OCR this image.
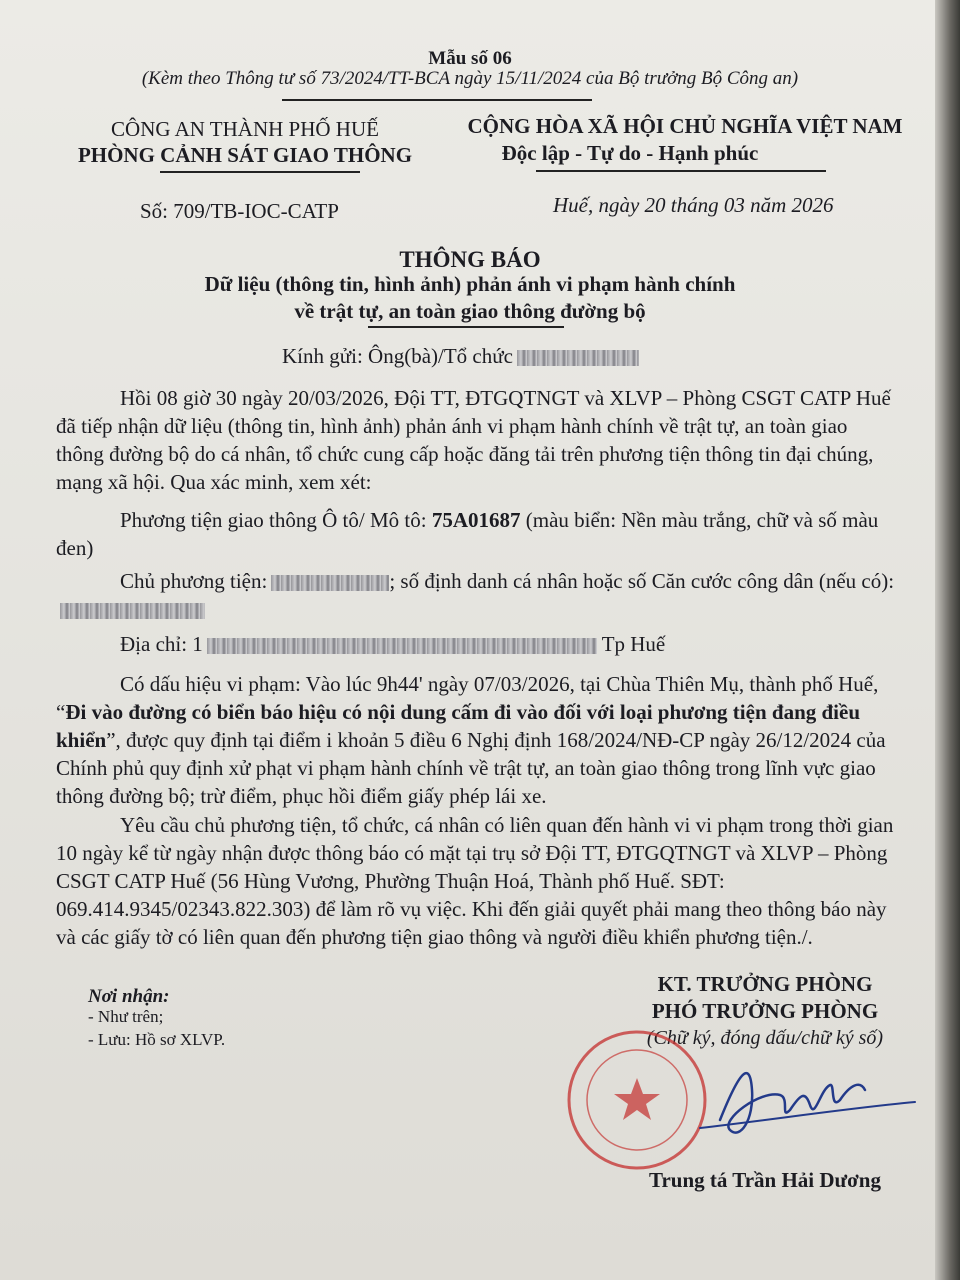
Mẫu số 06
(Kèm theo Thông tư số 73/2024/TT-BCA ngày 15/11/2024 của Bộ trưởng Bộ Công an)
CÔNG AN THÀNH PHỐ HUẾ
PHÒNG CẢNH SÁT GIAO THÔNG
CỘNG HÒA XÃ HỘI CHỦ NGHĨA VIỆT NAM
Độc lập - Tự do - Hạnh phúc
Số: 709/TB-IOC-CATP	Huế, ngày 20 tháng 03 năm 2026
THÔNG BÁO
Dữ liệu (thông tin, hình ảnh) phản ánh vi phạm hành chính
về trật tự, an toàn giao thông đường bộ
Kính gửi: Ông(bà)/Tổ chức
Hồi 08 giờ 30 ngày 20/03/2026, Đội TT, ĐTGQTNGT và XLVP – Phòng CSGT CATP Huế đã tiếp nhận dữ liệu (thông tin, hình ảnh) phản ánh vi phạm hành chính về trật tự, an toàn giao thông đường bộ do cá nhân, tổ chức cung cấp hoặc đăng tải trên phương tiện thông tin đại chúng, mạng xã hội. Qua xác minh, xem xét:
Phương tiện giao thông Ô tô/ Mô tô: 75A01687 (màu biển: Nền màu trắng, chữ và số màu đen)
Chủ phương tiện:	; số định danh cá nhân hoặc số Căn cước công dân (nếu có):
Địa chỉ: 1	Tp Huế
Có dấu hiệu vi phạm: Vào lúc 9h44' ngày 07/03/2026, tại Chùa Thiên Mụ, thành phố Huế, “Đi vào đường có biển báo hiệu có nội dung cấm đi vào đối với loại phương tiện đang điều khiển”, được quy định tại điểm i khoản 5 điều 6 Nghị định 168/2024/NĐ-CP ngày 26/12/2024 của Chính phủ quy định xử phạt vi phạm hành chính về trật tự, an toàn giao thông trong lĩnh vực giao thông đường bộ; trừ điểm, phục hồi điểm giấy phép lái xe.
Yêu cầu chủ phương tiện, tổ chức, cá nhân có liên quan đến hành vi vi phạm trong thời gian 10 ngày kể từ ngày nhận được thông báo có mặt tại trụ sở Đội TT, ĐTGQTNGT và XLVP – Phòng CSGT CATP Huế (56 Hùng Vương, Phường Thuận Hoá, Thành phố Huế. SĐT: 069.414.9345/02343.822.303) để làm rõ vụ việc. Khi đến giải quyết phải mang theo thông báo này và các giấy tờ có liên quan đến phương tiện giao thông và người điều khiển phương tiện./.
Nơi nhận:
- Như trên;
- Lưu: Hồ sơ XLVP.
KT. TRƯỞNG PHÒNG
PHÓ TRƯỞNG PHÒNG
(Chữ ký, đóng dấu/chữ ký số)
Trung tá Trần Hải Dương
